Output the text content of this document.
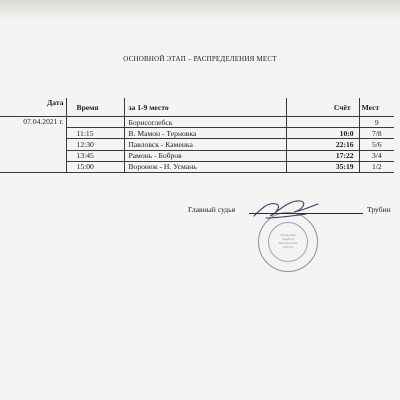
ОСНОВНОЙ ЭТАП – РАСПРЕДЕЛЕНИЯ МЕСТ
Дата	Время	за 1-9 место	Счёт	Мест
07.04.2021 г.		Борисоглебск		9
	11:15	В. Мамон - Терновка	10:0	7/8
	12:30	Павловск - Каменка	22:16	5/6
	13:45	Рамонь - Бобров	17:22	3/4
	15:00	Воронеж - Н. Усмань	35:19	1/2
Федерация
гандбола
Воронежской
области
Главный судья	Трубин
